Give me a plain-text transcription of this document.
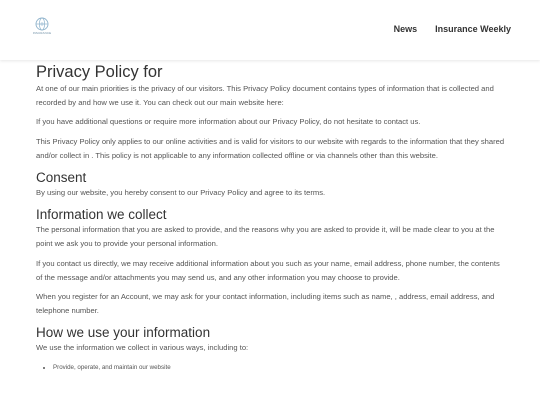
INSURANCE	News Insurance Weekly
Privacy Policy for

At one of our main priorities is the privacy of our visitors. This Privacy Policy document contains types of information that is collected and recorded by and how we use it. You can check out our main website here:

If you have additional questions or require more information about our Privacy Policy, do not hesitate to contact us.

This Privacy Policy only applies to our online activities and is valid for visitors to our website with regards to the information that they shared and/or collect in . This policy is not applicable to any information collected offline or via channels other than this website.

Consent

By using our website, you hereby consent to our Privacy Policy and agree to its terms.

Information we collect

The personal information that you are asked to provide, and the reasons why you are asked to provide it, will be made clear to you at the point we ask you to provide your personal information.

If you contact us directly, we may receive additional information about you such as your name, email address, phone number, the contents of the message and/or attachments you may send us, and any other information you may choose to provide.

When you register for an Account, we may ask for your contact information, including items such as name, , address, email address, and telephone number.

How we use your information

We use the information we collect in various ways, including to:

• Provide, operate, and maintain our website
